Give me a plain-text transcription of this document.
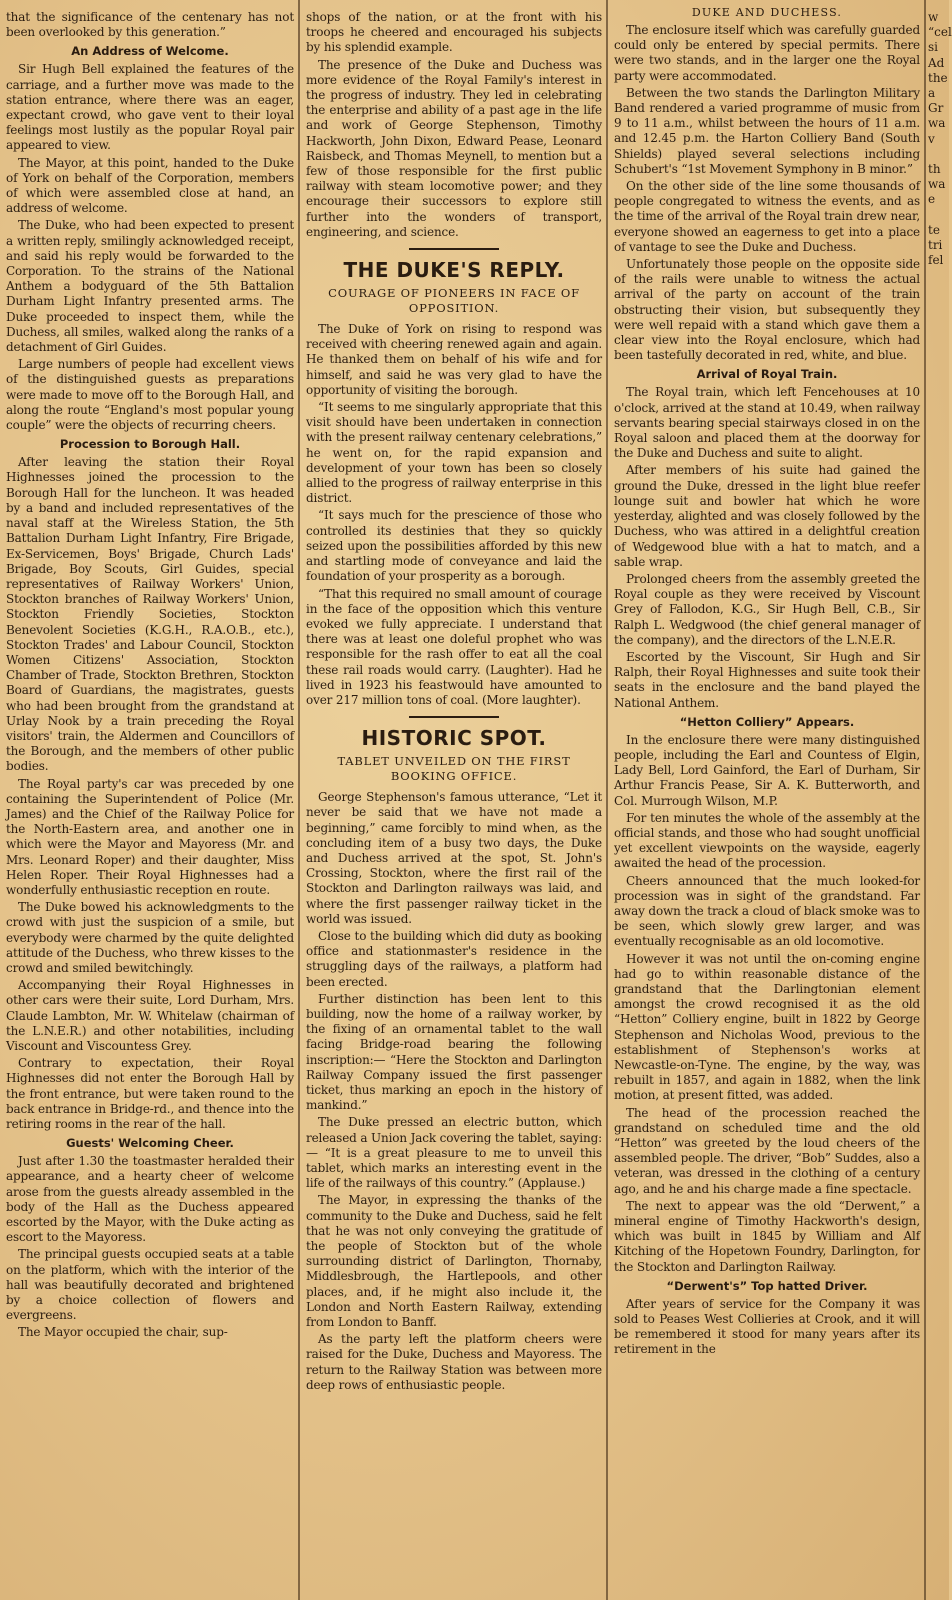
that the significance of the centenary has not been overlooked by this generation.”

An Address of Welcome.

Sir Hugh Bell explained the features of the carriage, and a further move was made to the station entrance, where there was an eager, expectant crowd, who gave vent to their loyal feelings most lustily as the popular Royal pair appeared to view.

The Mayor, at this point, handed to the Duke of York on behalf of the Corporation, members of which were assembled close at hand, an address of welcome.

The Duke, who had been expected to present a written reply, smilingly acknowledged receipt, and said his reply would be forwarded to the Corporation. To the strains of the National Anthem a bodyguard of the 5th Battalion Durham Light Infantry presented arms. The Duke proceeded to inspect them, while the Duchess, all smiles, walked along the ranks of a detachment of Girl Guides.

Large numbers of people had excellent views of the distinguished guests as preparations were made to move off to the Borough Hall, and along the route “England's most popular young couple” were the objects of recurring cheers.

Procession to Borough Hall.

After leaving the station their Royal Highnesses joined the procession to the Borough Hall for the luncheon. It was headed by a band and included representatives of the naval staff at the Wireless Station, the 5th Battalion Durham Light Infantry, Fire Brigade, Ex-Servicemen, Boys' Brigade, Church Lads' Brigade, Boy Scouts, Girl Guides, special representatives of Railway Workers' Union, Stockton branches of Railway Workers' Union, Stockton Friendly Societies, Stockton Benevolent Societies (K.G.H., R.A.O.B., etc.), Stockton Trades' and Labour Council, Stockton Women Citizens' Association, Stockton Chamber of Trade, Stockton Brethren, Stockton Board of Guardians, the magistrates, guests who had been brought from the grandstand at Urlay Nook by a train preceding the Royal visitors' train, the Aldermen and Councillors of the Borough, and the members of other public bodies.

The Royal party's car was preceded by one containing the Superintendent of Police (Mr. James) and the Chief of the Railway Police for the North-Eastern area, and another one in which were the Mayor and Mayoress (Mr. and Mrs. Leonard Roper) and their daughter, Miss Helen Roper. Their Royal Highnesses had a wonderfully enthusiastic reception en route.

The Duke bowed his acknowledgments to the crowd with just the suspicion of a smile, but everybody were charmed by the quite delighted attitude of the Duchess, who threw kisses to the crowd and smiled bewitchingly.

Accompanying their Royal Highnesses in other cars were their suite, Lord Durham, Mrs. Claude Lambton, Mr. W. Whitelaw (chairman of the L.N.E.R.) and other notabilities, including Viscount and Viscountess Grey.

Contrary to expectation, their Royal Highnesses did not enter the Borough Hall by the front entrance, but were taken round to the back entrance in Bridge-rd., and thence into the retiring rooms in the rear of the hall.

Guests' Welcoming Cheer.

Just after 1.30 the toastmaster heralded their appearance, and a hearty cheer of welcome arose from the guests already assembled in the body of the Hall as the Duchess appeared escorted by the Mayor, with the Duke acting as escort to the Mayoress.

The principal guests occupied seats at a table on the platform, which with the interior of the hall was beautifully decorated and brightened by a choice collection of flowers and evergreens.

The Mayor occupied the chair, sup-

shops of the nation, or at the front with his troops he cheered and encouraged his subjects by his splendid example.

The presence of the Duke and Duchess was more evidence of the Royal Family's interest in the progress of industry. They led in celebrating the enterprise and ability of a past age in the life and work of George Stephenson, Timothy Hackworth, John Dixon, Edward Pease, Leonard Raisbeck, and Thomas Meynell, to mention but a few of those responsible for the first public railway with steam locomotive power; and they encourage their successors to explore still further into the wonders of transport, engineering, and science.

THE DUKE'S REPLY.
COURAGE OF PIONEERS IN FACE OF OPPOSITION.

The Duke of York on rising to respond was received with cheering renewed again and again. He thanked them on behalf of his wife and for himself, and said he was very glad to have the opportunity of visiting the borough.

“It seems to me singularly appropriate that this visit should have been undertaken in connection with the present railway centenary celebrations,” he went on, for the rapid expansion and development of your town has been so closely allied to the progress of railway enterprise in this district.

“It says much for the prescience of those who controlled its destinies that they so quickly seized upon the possibilities afforded by this new and startling mode of conveyance and laid the foundation of your prosperity as a borough.

“That this required no small amount of courage in the face of the opposition which this venture evoked we fully appreciate. I understand that there was at least one doleful prophet who was responsible for the rash offer to eat all the coal these rail roads would carry. (Laughter). Had he lived in 1923 his feastwould have amounted to over 217 million tons of coal. (More laughter).

HISTORIC SPOT.
TABLET UNVEILED ON THE FIRST BOOKING OFFICE.

George Stephenson's famous utterance, “Let it never be said that we have not made a beginning,” came forcibly to mind when, as the concluding item of a busy two days, the Duke and Duchess arrived at the spot, St. John's Crossing, Stockton, where the first rail of the Stockton and Darlington railways was laid, and where the first passenger railway ticket in the world was issued.

Close to the building which did duty as booking office and stationmaster's residence in the struggling days of the railways, a platform had been erected.

Further distinction has been lent to this building, now the home of a railway worker, by the fixing of an ornamental tablet to the wall facing Bridge-road bearing the following inscription:— “Here the Stockton and Darlington Railway Company issued the first passenger ticket, thus marking an epoch in the history of mankind.”

The Duke pressed an electric button, which released a Union Jack covering the tablet, saying:— “It is a great pleasure to me to unveil this tablet, which marks an interesting event in the life of the railways of this country.” (Applause.)

The Mayor, in expressing the thanks of the community to the Duke and Duchess, said he felt that he was not only conveying the gratitude of the people of Stockton but of the whole surrounding district of Darlington, Thornaby, Middlesbrough, the Hartlepools, and other places, and, if he might also include it, the London and North Eastern Railway, extending from London to Banff.

As the party left the platform cheers were raised for the Duke, Duchess and Mayoress. The return to the Railway Station was between more deep rows of enthusiastic people.

DUKE AND DUCHESS.

The enclosure itself which was carefully guarded could only be entered by special permits. There were two stands, and in the larger one the Royal party were accommodated.

Between the two stands the Darlington Military Band rendered a varied programme of music from 9 to 11 a.m., whilst between the hours of 11 a.m. and 12.45 p.m. the Harton Colliery Band (South Shields) played several selections including Schubert's “1st Movement Symphony in B minor.”

On the other side of the line some thousands of people congregated to witness the events, and as the time of the arrival of the Royal train drew near, everyone showed an eagerness to get into a place of vantage to see the Duke and Duchess.

Unfortunately those people on the opposite side of the rails were unable to witness the actual arrival of the party on account of the train obstructing their vision, but subsequently they were well repaid with a stand which gave them a clear view into the Royal enclosure, which had been tastefully decorated in red, white, and blue.

Arrival of Royal Train.

The Royal train, which left Fencehouses at 10 o'clock, arrived at the stand at 10.49, when railway servants bearing special stairways closed in on the Royal saloon and placed them at the doorway for the Duke and Duchess and suite to alight.

After members of his suite had gained the ground the Duke, dressed in the light blue reefer lounge suit and bowler hat which he wore yesterday, alighted and was closely followed by the Duchess, who was attired in a delightful creation of Wedgewood blue with a hat to match, and a sable wrap.

Prolonged cheers from the assembly greeted the Royal couple as they were received by Viscount Grey of Fallodon, K.G., Sir Hugh Bell, C.B., Sir Ralph L. Wedgwood (the chief general manager of the company), and the directors of the L.N.E.R.

Escorted by the Viscount, Sir Hugh and Sir Ralph, their Royal Highnesses and suite took their seats in the enclosure and the band played the National Anthem.

“Hetton Colliery” Appears.

In the enclosure there were many distinguished people, including the Earl and Countess of Elgin, Lady Bell, Lord Gainford, the Earl of Durham, Sir Arthur Francis Pease, Sir A. K. Butterworth, and Col. Murrough Wilson, M.P.

For ten minutes the whole of the assembly at the official stands, and those who had sought unofficial yet excellent viewpoints on the wayside, eagerly awaited the head of the procession.

Cheers announced that the much looked-for procession was in sight of the grandstand. Far away down the track a cloud of black smoke was to be seen, which slowly grew larger, and was eventually recognisable as an old locomotive.

However it was not until the on-coming engine had go to within reasonable distance of the grandstand that the Darlingtonian element amongst the crowd recognised it as the old “Hetton” Colliery engine, built in 1822 by George Stephenson and Nicholas Wood, previous to the establishment of Stephenson's works at Newcastle-on-Tyne. The engine, by the way, was rebuilt in 1857, and again in 1882, when the link motion, at present fitted, was added.

The head of the procession reached the grandstand on scheduled time and the old “Hetton” was greeted by the loud cheers of the assembled people. The driver, “Bob” Suddes, also a veteran, was dressed in the clothing of a century ago, and he and his charge made a fine spectacle.

The next to appear was the old “Derwent,” a mineral engine of Timothy Hackworth's design, which was built in 1845 by William and Alf Kitching of the Hopetown Foundry, Darlington, for the Stockton and Darlington Railway.

“Derwent's” Top hatted Driver.

After years of service for the Company it was sold to Peases West Collieries at Crook, and it will be remembered it stood for many years after its retirement in the

w
“cel
si
Ad
the
a
Gr
wa
v

th
wa
e

te
tri
fel
